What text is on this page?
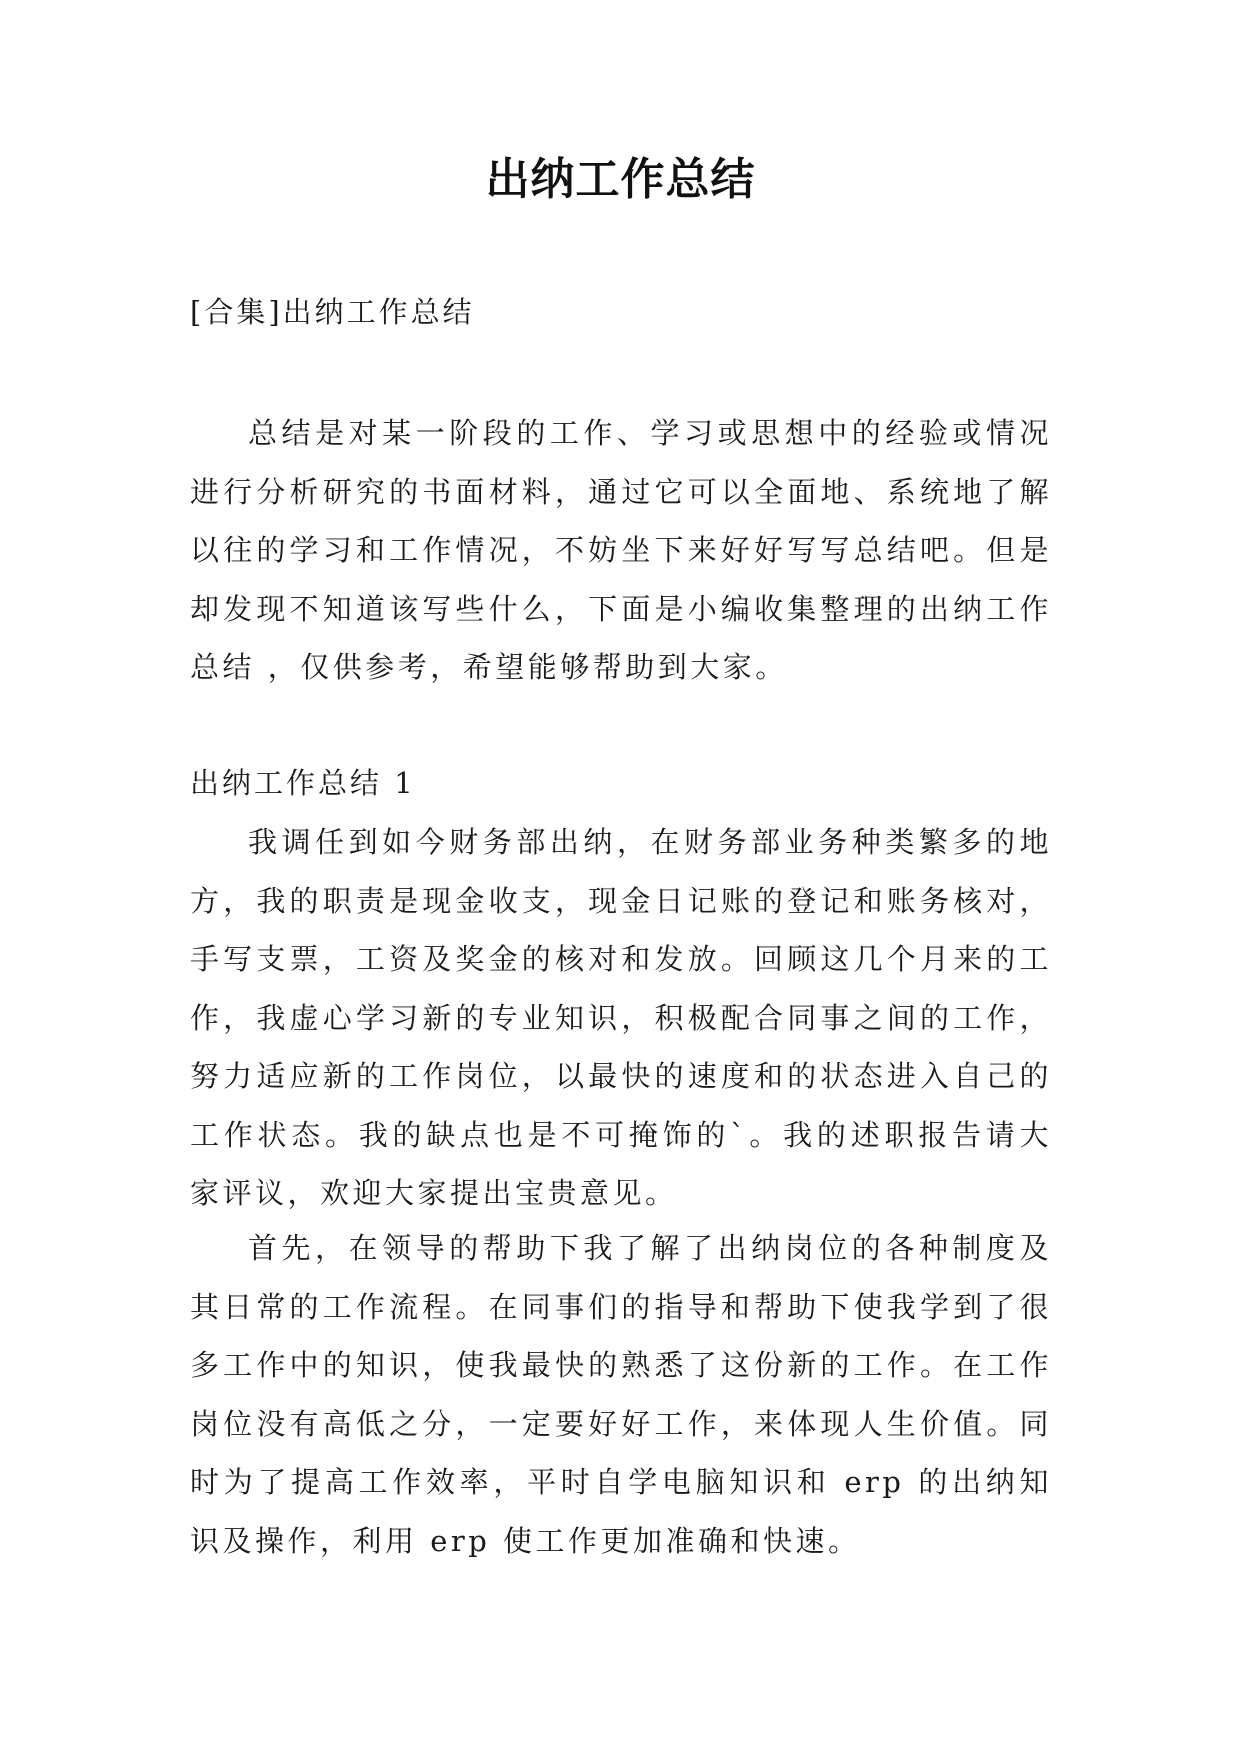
出纳工作总结
[合集]出纳工作总结

总结是对某一阶段的工作、学习或思想中的经验或情况进行分析研究的书面材料，通过它可以全面地、系统地了解以往的学习和工作情况，不妨坐下来好好写写总结吧。但是却发现不知道该写些什么，下面是小编收集整理的出纳工作总结 ，仅供参考，希望能够帮助到大家。

出纳工作总结 1

我调任到如今财务部出纳，在财务部业务种类繁多的地方，我的职责是现金收支，现金日记账的登记和账务核对，手写支票，工资及奖金的核对和发放。回顾这几个月来的工作，我虚心学习新的专业知识，积极配合同事之间的工作，努力适应新的工作岗位，以最快的速度和的状态进入自己的工作状态。我的缺点也是不可掩饰的`。我的述职报告请大家评议，欢迎大家提出宝贵意见。

首先，在领导的帮助下我了解了出纳岗位的各种制度及其日常的工作流程。在同事们的指导和帮助下使我学到了很多工作中的知识，使我最快的熟悉了这份新的工作。在工作岗位没有高低之分，一定要好好工作，来体现人生价值。同时为了提高工作效率，平时自学电脑知识和 erp 的出纳知识及操作，利用 erp 使工作更加准确和快速。
